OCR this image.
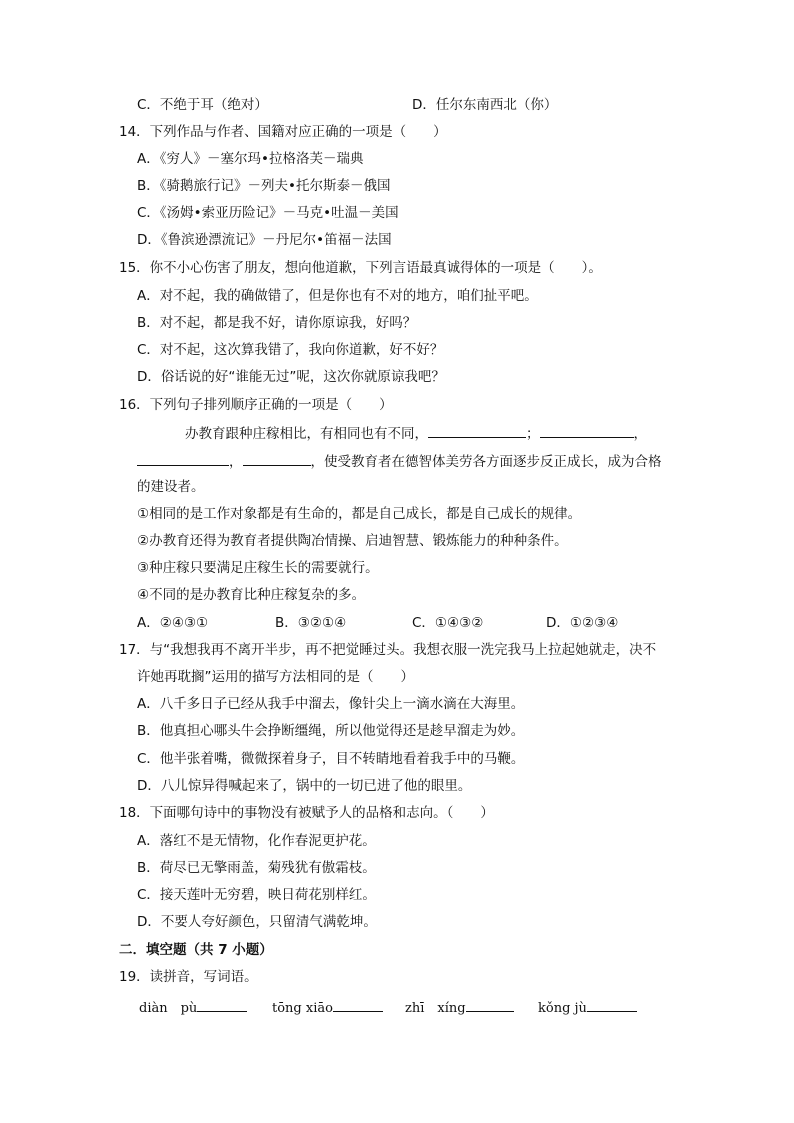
C．不绝于耳（绝对）	D．任尔东南西北（你）
14．下列作品与作者、国籍对应正确的一项是（　　）
A．《穷人》－塞尔玛•拉格洛芙－瑞典
B．《骑鹅旅行记》－列夫•托尔斯泰－俄国
C．《汤姆•索亚历险记》－马克•吐温－美国
D．《鲁滨逊漂流记》－丹尼尔•笛福－法国
15．你不小心伤害了朋友，想向他道歉，下列言语最真诚得体的一项是（　　）。
A．对不起，我的确做错了，但是你也有不对的地方，咱们扯平吧。
B．对不起，都是我不好，请你原谅我，好吗？
C．对不起，这次算我错了，我向你道歉，好不好？
D．俗话说的好“谁能无过”呢，这次你就原谅我吧？
16．下列句子排列顺序正确的一项是（　　）
办教育跟种庄稼相比，有相同也有不同，	；	，
，	，使受教育者在德智体美劳各方面逐步反正成长，成为合格
的建设者。
①相同的是工作对象都是有生命的，都是自己成长，都是自己成长的规律。
②办教育还得为教育者提供陶冶情操、启迪智慧、锻炼能力的种种条件。
③种庄稼只要满足庄稼生长的需要就行。
④不同的是办教育比种庄稼复杂的多。
A．②④③①	B．③②①④	C．①④③②	D．①②③④
17．与“我想我再不离开半步，再不把觉睡过头。我想衣服一洗完我马上拉起她就走，决不
许她再耽搁”运用的描写方法相同的是（　　）
A．八千多日子已经从我手中溜去，像针尖上一滴水滴在大海里。
B．他真担心哪头牛会挣断缰绳，所以他觉得还是趁早溜走为妙。
C．他半张着嘴，微微探着身子，目不转睛地看着我手中的马鞭。
D．八儿惊异得喊起来了，锅中的一切已进了他的眼里。
18．下面哪句诗中的事物没有被赋予人的品格和志向。（　　）
A．落红不是无情物，化作春泥更护花。
B．荷尽已无擎雨盖，菊残犹有傲霜枝。
C．接天莲叶无穷碧，映日荷花别样红。
D．不要人夸好颜色，只留清气满乾坤。
二．填空题（共 7 小题）
19．读拼音，写词语。
diàn　pù	tōng xiāo	zhī　xíng	kǒng jù
